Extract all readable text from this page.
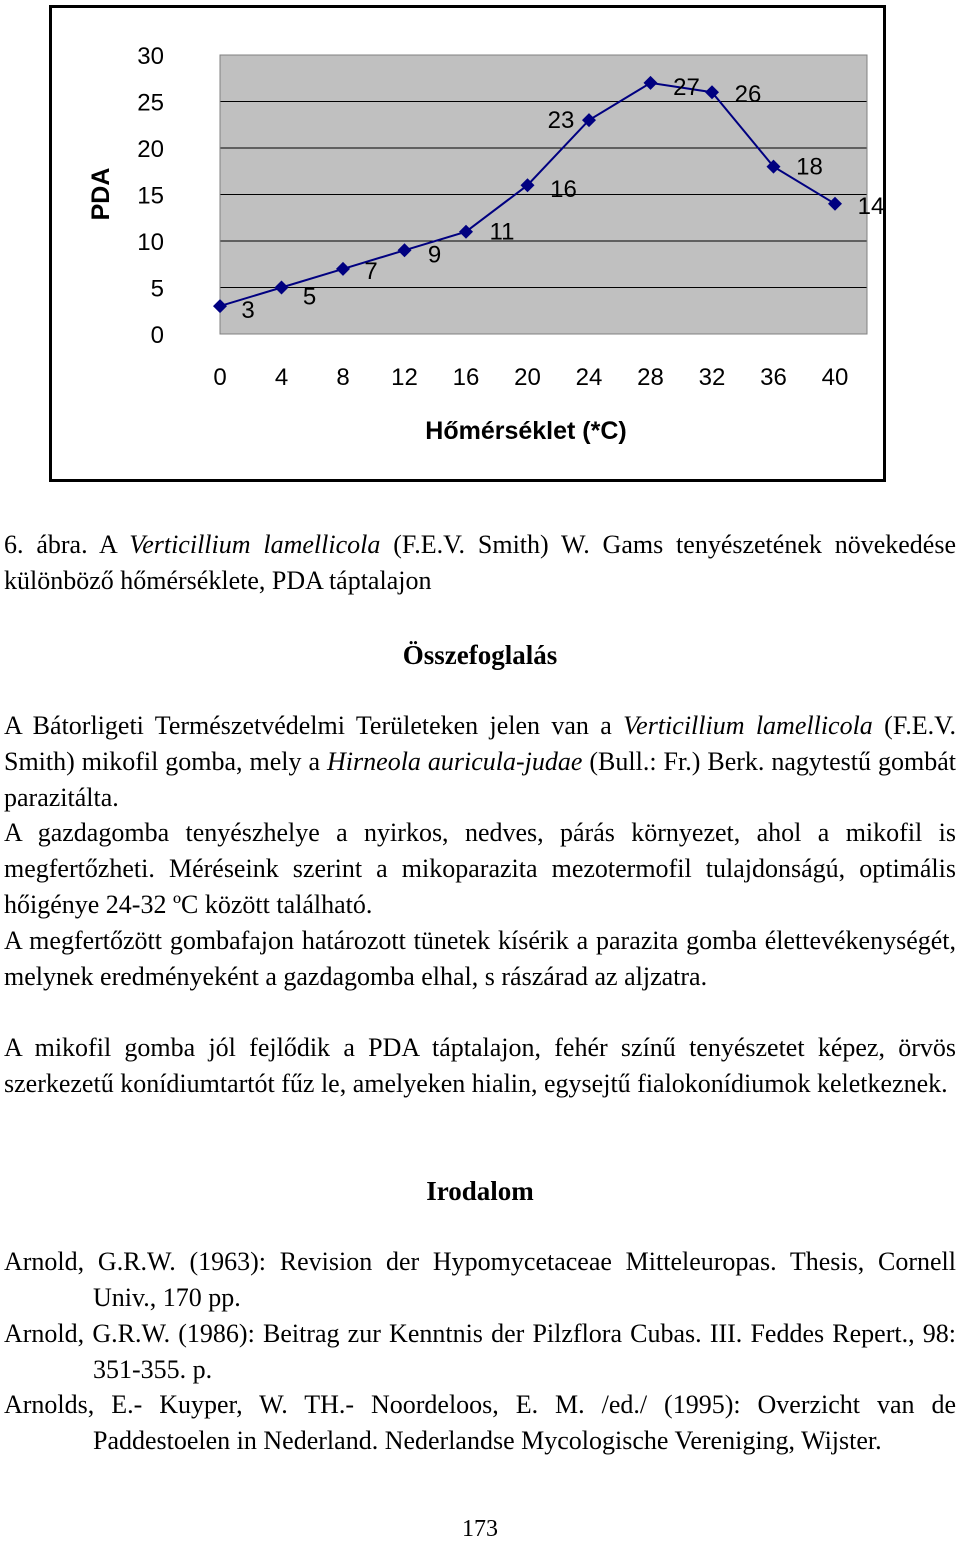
3
5
7
9
11
16
23
27 26
18
14
0
5
10
15
20
25
30
0 4 8 12 16 20 24 28 32 36 40
Hőmérséklet (*C)
PDA
6. ábra. A Verticillium lamellicola (F.E.V. Smith) W. Gams tenyészetének növekedése különböző hőmérséklete, PDA táptalajon
Összefoglalás
A Bátorligeti Természetvédelmi Területeken jelen van a Verticillium lamellicola (F.E.V. Smith) mikofil gomba, mely a Hirneola auricula-judae (Bull.: Fr.) Berk. nagytestű gombát parazitálta.
A gazdagomba tenyészhelye a nyirkos, nedves, párás környezet, ahol a mikofil is megfertőzheti. Méréseink szerint a mikoparazita mezotermofil tulajdonságú, optimális hőigénye 24-32 ºC között található.
A megfertőzött gombafajon határozott tünetek kísérik a parazita gomba élettevékenységét, melynek eredményeként a gazdagomba elhal, s rászárad az aljzatra.
A mikofil gomba jól fejlődik a PDA táptalajon, fehér színű tenyészetet képez, örvös szerkezetű konídiumtartót fűz le, amelyeken hialin, egysejtű fialokonídiumok keletkeznek.
Irodalom
Arnold, G.R.W. (1963): Revision der Hypomycetaceae Mitteleuropas. Thesis, Cornell Univ., 170 pp.
Arnold, G.R.W. (1986): Beitrag zur Kenntnis der Pilzflora Cubas. III. Feddes Repert., 98: 351-355. p.
Arnolds, E.- Kuyper, W. TH.- Noordeloos, E. M. /ed./ (1995): Overzicht van de Paddestoelen in Nederland. Nederlandse Mycologische Vereniging, Wijster.
173
